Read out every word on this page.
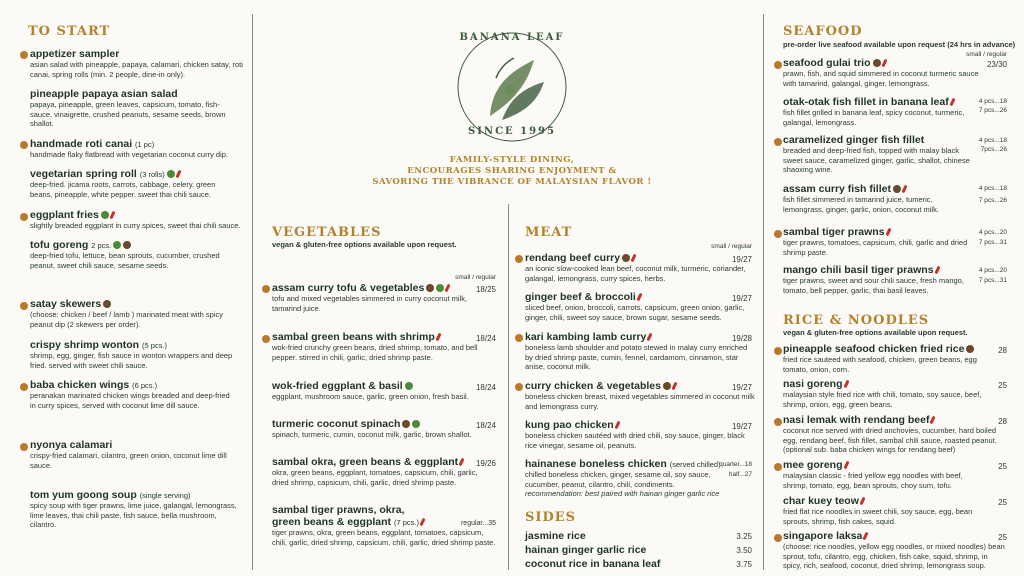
TO START
appetizer sampler
asian salad with pineapple, papaya, calamari, chicken satay, roti canai, spring rolls (min. 2 people, dine-in only).
pineapple papaya asian salad
papaya, pineapple, green leaves, capsicum, tomato, fish-sauce, vinaigrette, crushed peanuts, sesame seeds, brown shallot.
handmade roti canai (1 pc)
handmade flaky flatbread with vegetarian coconut curry dip.
vegetarian spring roll (3 rolls)
deep-fried. jicama roots, carrots, cabbage, celery, green beans, pineapple, white pepper. sweet thai chili sauce.
eggplant fries
slightly breaded eggplant in curry spices, sweet thai chili sauce.
tofu goreng 2 pcs.
deep-fried tofu, lettuce, bean sprouts, cucumber, crushed peanut, sweet chili sauce, sesame seeds.
satay skewers
(choose: chicken / beef / lamb ) marinated meat with spicy peanut dip (2 skewers per order).
crispy shrimp wonton (5 pcs.)
shrimp, egg, ginger, fish sauce in wonton wrappers and deep fried. served with sweet chili sauce.
baba chicken wings (6 pcs.)
peranakan marinated chicken wings breaded and deep-fried in curry spices, served with coconut lime dill sauce.
nyonya calamari
crispy-fried calamari, cilantro, green onion, coconut lime dill sauce.
tom yum goong soup (single serving)
spicy soup with tiger prawns, lime juice, galangal, lemongrass, lime leaves, thai chili paste, fish sauce, bella mushroom, cilantro.
BANANA LEAF
SINCE 1995
FAMILY-STYLE DINING,
ENCOURAGES SHARING ENJOYMENT &
SAVORING THE VIBRANCE OF MALAYSIAN FLAVOR !
VEGETABLES
vegan & gluten-free options available upon request.
small / regular
assam curry tofu & vegetables
tofu and mixed vegetables simmered in curry coconut milk, tamarind juice.
18/25
sambal green beans with shrimp
wok-fried crunchy green beans, dried shrimp, tomato, and bell pepper. stirred in chili, garlic, dried shrimp paste.
18/24
wok-fried eggplant & basil
eggplant, mushroom sauce, garlic, green onion, fresh basil.
18/24
turmeric coconut spinach
spinach, turmeric, cumin, coconut milk, garlic, brown shallot.
18/24
sambal okra, green beans & eggplant
okra, green beans, eggplant, tomatoes, capsicum, chili, garlic, dried shrimp, capsicum, chili, garlic, dried shrimp paste.
19/26
sambal tiger prawns, okra,
green beans & eggplant (7 pcs.)
tiger prawns, okra, green beans, eggplant, tomatoes, capsicum, chili, garlic, dried shrimp, capsicum, chili, garlic, dried shrimp paste.
regular...35
MEAT
small / regular
rendang beef curry
an iconic slow-cooked lean beef, coconut milk, turmeric, coriander, galangal, lemongrass, curry spices, herbs.
19/27
ginger beef & broccoli
sliced beef, onion, broccoli, carrots, capsicum, green onion, garlic, ginger, chili, sweet soy sauce, brown sugar, sesame seeds.
19/27
kari kambing lamb curry
boneless lamb shoulder and potato stewed in malay curry enriched by dried shrimp paste, cumin, fennel, cardamom, cinnamon, star anise, coconut milk.
19/28
curry chicken & vegetables
boneless chicken breast, mixed vegetables simmered in coconut milk and lemongrass curry.
19/27
kung pao chicken
boneless chicken sautéed with dried chili, soy sauce, ginger, black rice vinegar, sesame oil, peanuts.
19/27
hainanese boneless chicken (served chilled)
chilled boneless chicken, ginger, sesame oil, soy sauce, cucumber, peanut, cilantro, chili, condiments.
recommendation: best paired with hainan ginger garlic rice
quarter...18
half...27
SIDES
jasmine rice	3.25
hainan ginger garlic rice	3.50
coconut rice in banana leaf	3.75
SEAFOOD
pre-order live seafood available upon request (24 hrs in advance)
small / regular
seafood gulai trio
prawn, fish, and squid simmered in coconut turmeric sauce with tamarind, galangal, ginger, lemongrass.
23/30
otak-otak fish fillet in banana leaf
fish fillet grilled in banana leaf, spicy coconut, turmeric, galangal, lemongrass.
4 pcs...18
7 pcs...26
caramelized ginger fish fillet
breaded and deep-fried fish, topped with malay black sweet sauce, caramelized ginger, garlic, shallot, chinese shaoxing wine.
4 pcs...18
7pcs...26
assam curry fish fillet
fish fillet simmered in tamarind juice, tumeric, lemongrass, ginger, garlic, onion, coconut milk.
4 pcs...18
7 pcs...26
sambal tiger prawns
tiger prawns, tomatoes, capsicum, chili, garlic and dried shrimp paste.
4 pcs...20
7 pcs...31
mango chili basil tiger prawns
tiger prawns, sweet and sour chili sauce, fresh mango, tomato, bell pepper, garlic, thai basil leaves.
4 pcs...20
7 pcs...31
RICE & NOODLES
vegan & gluten-free options available upon request.
pineapple seafood chicken fried rice
fried rice sauteed with seafood, chicken, green beans, egg tomato, onion, corn.
28
nasi goreng
malaysian style fried rice with chili, tomato, soy sauce, beef, shrimp, onion, egg, green beans.
25
nasi lemak with rendang beef
coconut rice served with dried anchovies, cucumber, hard boiled egg, rendang beef, fish fillet, sambal chili sauce, roasted peanut. (optional sub. baba chicken wings for rendang beef)
28
mee goreng
malaysian classic - fried yellow egg noodles with beef, shrimp, tomato, egg, bean sprouts, choy sum, tofu.
25
char kuey teow
fried flat rice noodles in sweet chili, soy sauce, egg, bean sprouts, shrimp, fish cakes, squid.
25
singapore laksa
(choose: rice noodles, yellow egg noodles, or mixed noodles) bean sprout, tofu, cilantro, egg, chicken, fish cake, squid, shrimp, in spicy, rich, seafood, coconut, dried shrimp, lemongrass soup.
25
